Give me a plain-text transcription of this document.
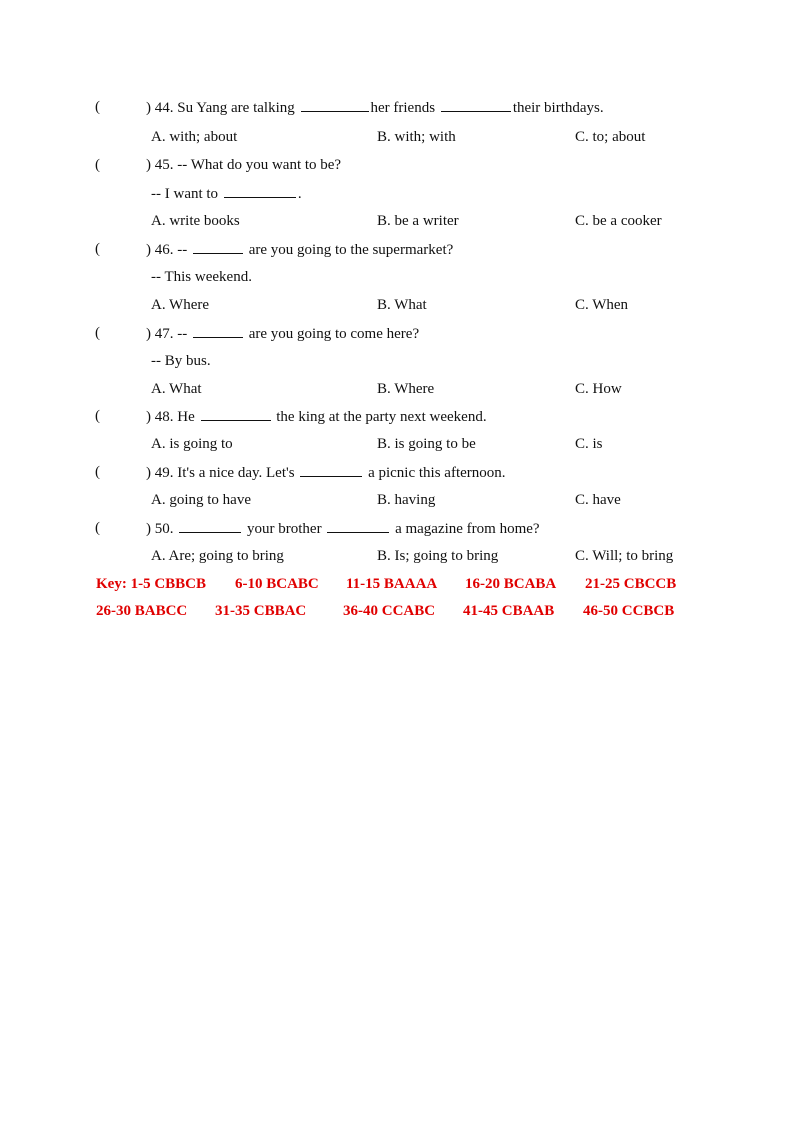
(	) 44. Su Yang are talking	her friends	their birthdays.
A. with; about	B. with; with	C. to; about
(	) 45. -- What do you want to be?
-- I want to	.
A. write books	B. be a writer	C. be a cooker
(	) 46. --	are you going to the supermarket?
-- This weekend.
A. Where	B. What	C. When
(	) 47. --	are you going to come here?
-- By bus.
A. What	B. Where	C. How
(	) 48. He	the king at the party next weekend.
A. is going to	B. is going to be	C. is
(	) 49. It's a nice day. Let's	a picnic this afternoon.
A. going to have	B. having	C. have
(	) 50.	your brother	a magazine from home?
A. Are; going to bring	B. Is; going to bring	C. Will; to bring
Key: 1-5 CBBCB 6-10 BCABC 11-15 BAAAA 16-20 BCABA 21-25 CBCCB
26-30 BABCC 31-35 CBBAC 36-40 CCABC 41-45 CBAAB 46-50 CCBCB
